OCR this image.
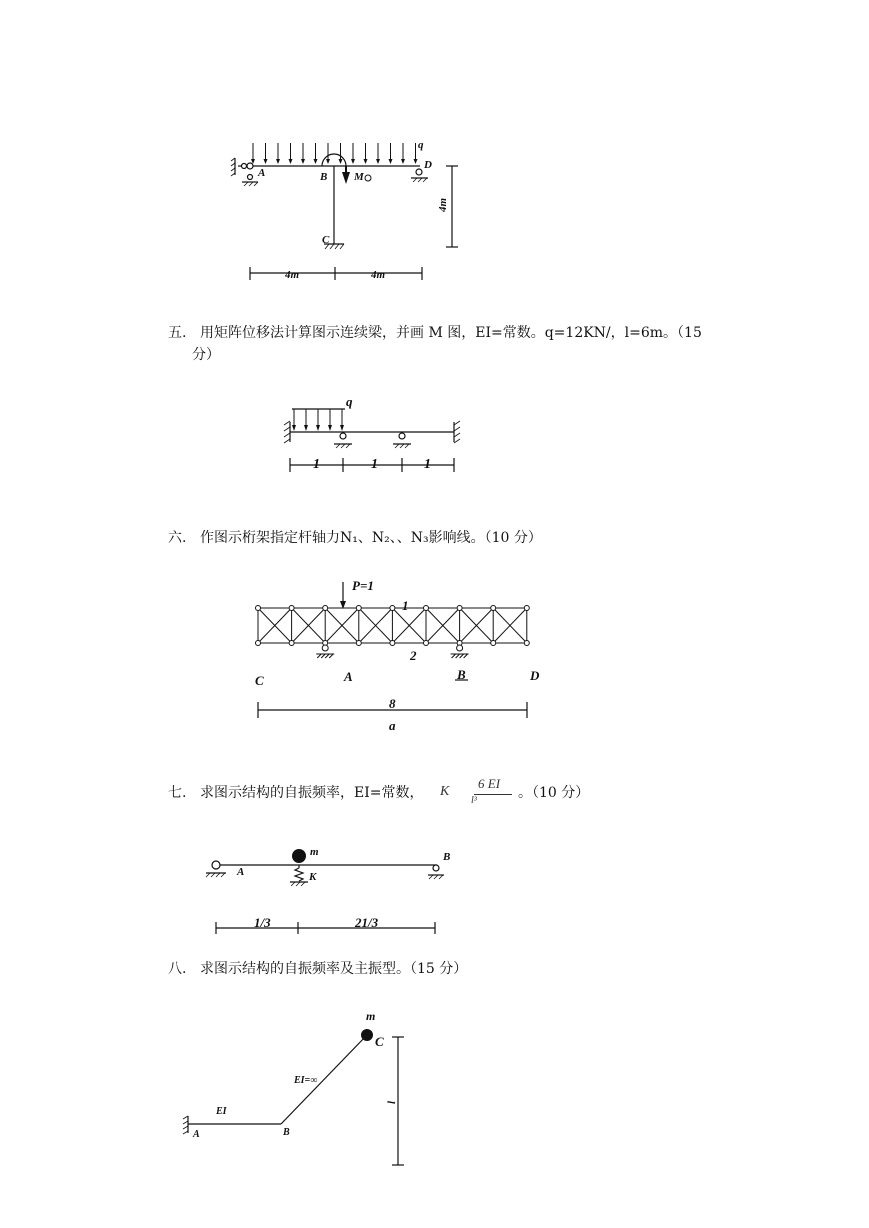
q
A	B
C
D
M
4m	4m
4m
五. 用矩阵位移法计算图示连续梁，并画 M 图，EI=常数。q=12KN/，l=6m。（15
分）
q
1	1	1
六. 作图示桁架指定杆轴力N₁、N₂、、N₃影响线。（10 分）
P=1
1
2
C	A	B	D
8
a
七. 求图示结构的自振频率，EI=常数，	K
6 EI
l³	。（10 分）
m
A	K
B
1/3	21/3
八. 求图示结构的自振频率及主振型。（15 分）
m
C
EI
EI=∞
A	B
l
